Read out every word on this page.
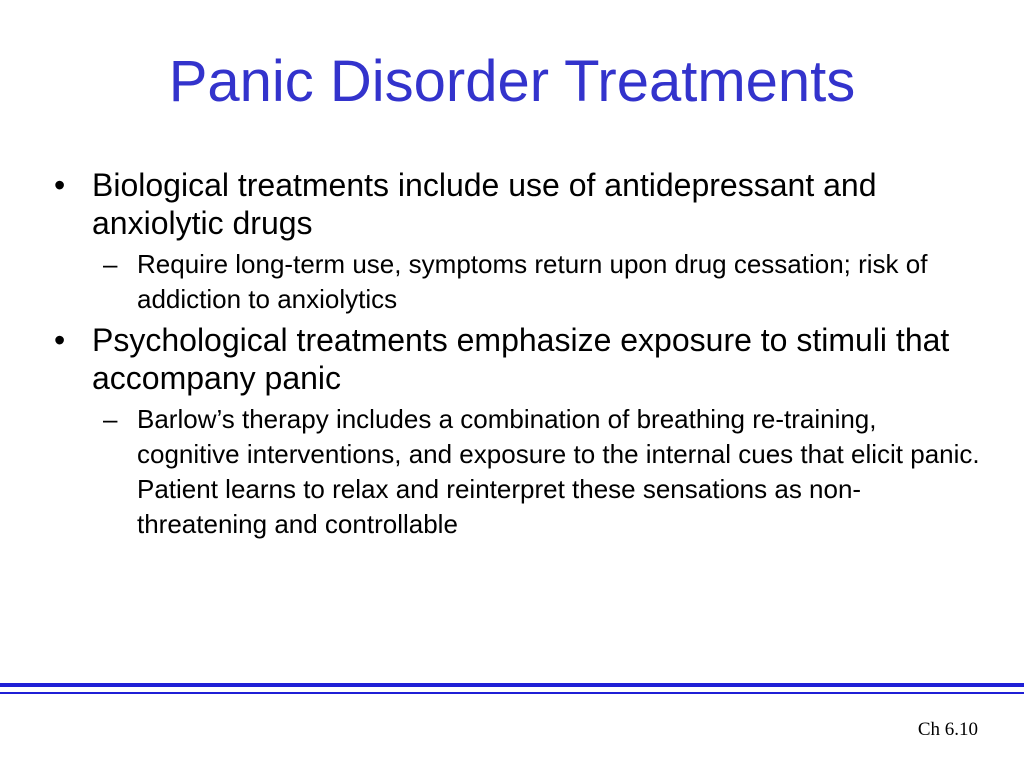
Panic Disorder Treatments
• Biological treatments include use of antidepressant and anxiolytic drugs
– Require long-term use, symptoms return upon drug cessation; risk of addiction to anxiolytics
• Psychological treatments emphasize exposure to stimuli that accompany panic
– Barlow’s therapy includes a combination of breathing re-training, cognitive interventions, and exposure to the internal cues that elicit panic. Patient learns to relax and reinterpret these sensations as non-threatening and controllable
Ch 6.10
